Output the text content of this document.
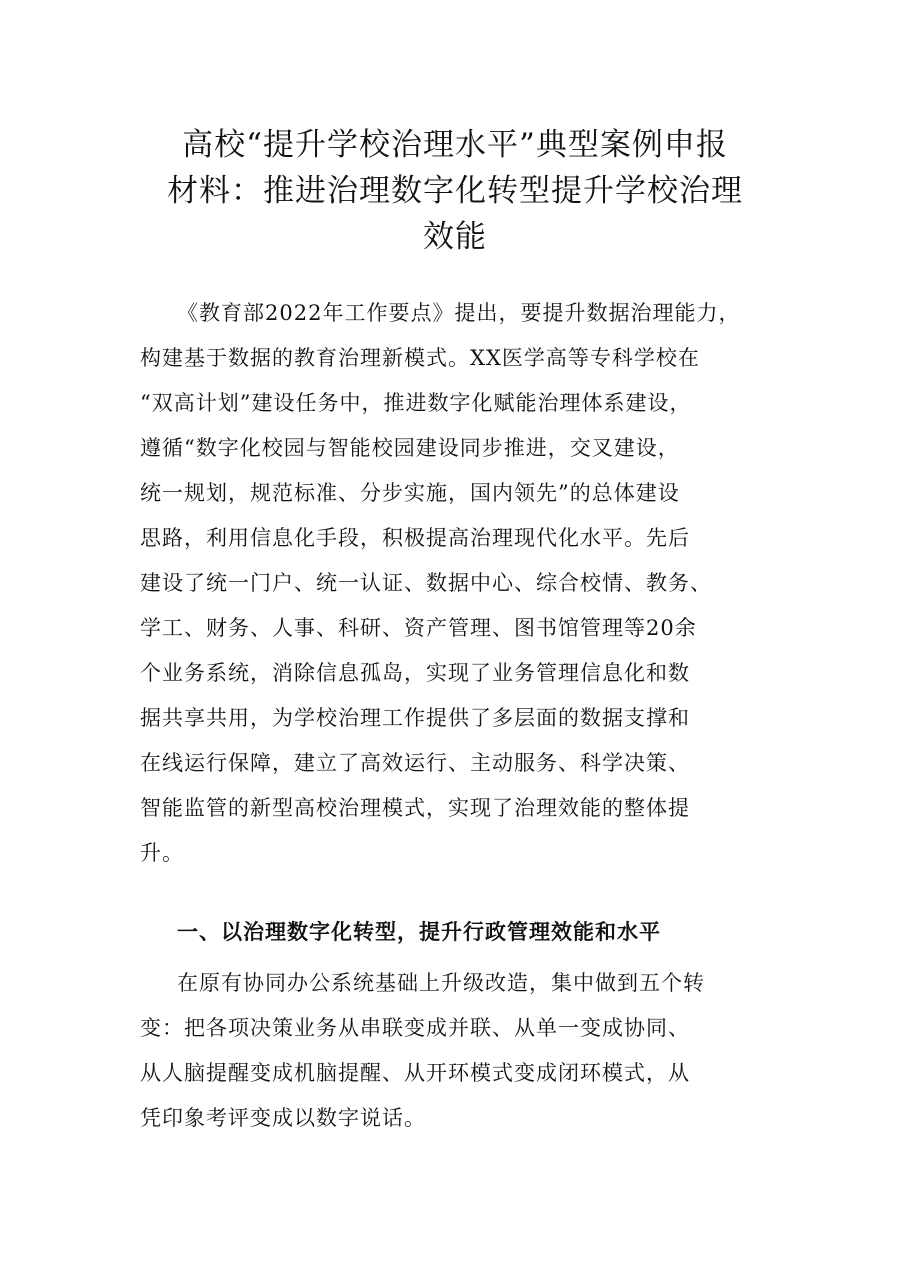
高校“提升学校治理水平”典型案例申报
材料：推进治理数字化转型提升学校治理
效能
《教育部2022年工作要点》提出，要提升数据治理能力，
构建基于数据的教育治理新模式。XX医学高等专科学校在
“双高计划”建设任务中，推进数字化赋能治理体系建设，
遵循“数字化校园与智能校园建设同步推进，交叉建设，
统一规划，规范标准、分步实施，国内领先”的总体建设
思路，利用信息化手段，积极提高治理现代化水平。先后
建设了统一门户、统一认证、数据中心、综合校情、教务、
学工、财务、人事、科研、资产管理、图书馆管理等20余
个业务系统，消除信息孤岛，实现了业务管理信息化和数
据共享共用，为学校治理工作提供了多层面的数据支撑和
在线运行保障，建立了高效运行、主动服务、科学决策、
智能监管的新型高校治理模式，实现了治理效能的整体提
升。
一、以治理数字化转型，提升行政管理效能和水平
在原有协同办公系统基础上升级改造，集中做到五个转
变：把各项决策业务从串联变成并联、从单一变成协同、
从人脑提醒变成机脑提醒、从开环模式变成闭环模式，从
凭印象考评变成以数字说话。
